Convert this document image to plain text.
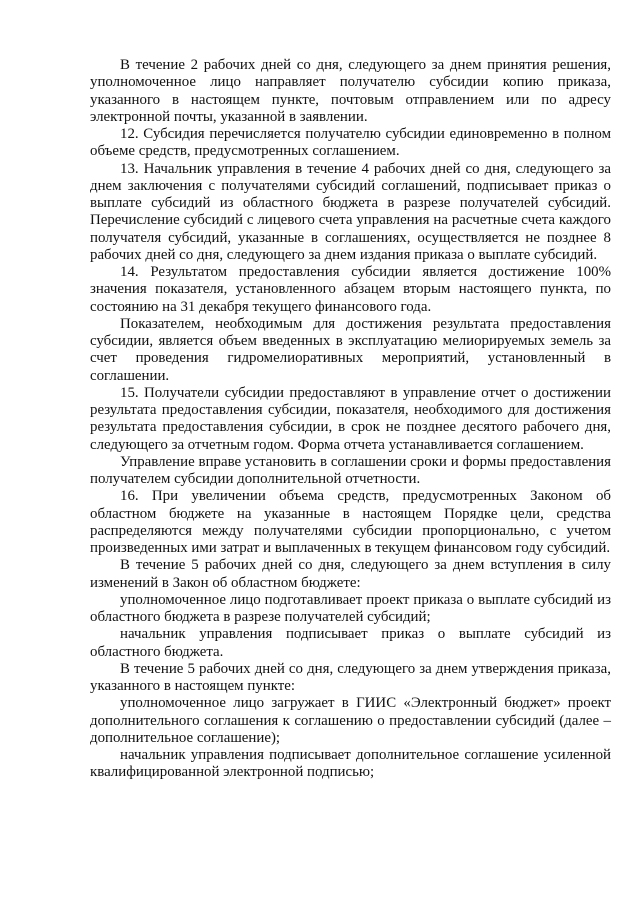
В течение 2 рабочих дней со дня, следующего за днем принятия решения, уполномоченное лицо направляет получателю субсидии копию приказа, указанного в настоящем пункте, почтовым отправлением или по адресу электронной почты, указанной в заявлении.

12. Субсидия перечисляется получателю субсидии единовременно в полном объеме средств, предусмотренных соглашением.

13. Начальник управления в течение 4 рабочих дней со дня, следующего за днем заключения с получателями субсидий соглашений, подписывает приказ о выплате субсидий из областного бюджета в разрезе получателей субсидий. Перечисление субсидий с лицевого счета управления на расчетные счета каждого получателя субсидий, указанные в соглашениях, осуществляется не позднее 8 рабочих дней со дня, следующего за днем издания приказа о выплате субсидий.

14. Результатом предоставления субсидии является достижение 100% значения показателя, установленного абзацем вторым настоящего пункта, по состоянию на 31 декабря текущего финансового года.

Показателем, необходимым для достижения результата предоставления субсидии, является объем введенных в эксплуатацию мелиорируемых земель за счет проведения гидромелиоративных мероприятий, установленный в соглашении.

15. Получатели субсидии предоставляют в управление отчет о достижении результата предоставления субсидии, показателя, необходимого для достижения результата предоставления субсидии, в срок не позднее десятого рабочего дня, следующего за отчетным годом. Форма отчета устанавливается соглашением.

Управление вправе установить в соглашении сроки и формы предоставления получателем субсидии дополнительной отчетности.

16. При увеличении объема средств, предусмотренных Законом об областном бюджете на указанные в настоящем Порядке цели, средства распределяются между получателями субсидии пропорционально, с учетом произведенных ими затрат и выплаченных в текущем финансовом году субсидий.

В течение 5 рабочих дней со дня, следующего за днем вступления в силу изменений в Закон об областном бюджете:

уполномоченное лицо подготавливает проект приказа о выплате субсидий из областного бюджета в разрезе получателей субсидий;

начальник управления подписывает приказ о выплате субсидий из областного бюджета.

В течение 5 рабочих дней со дня, следующего за днем утверждения приказа, указанного в настоящем пункте:

уполномоченное лицо загружает в ГИИС «Электронный бюджет» проект дополнительного соглашения к соглашению о предоставлении субсидий (далее – дополнительное соглашение);

начальник управления подписывает дополнительное соглашение усиленной квалифицированной электронной подписью;
